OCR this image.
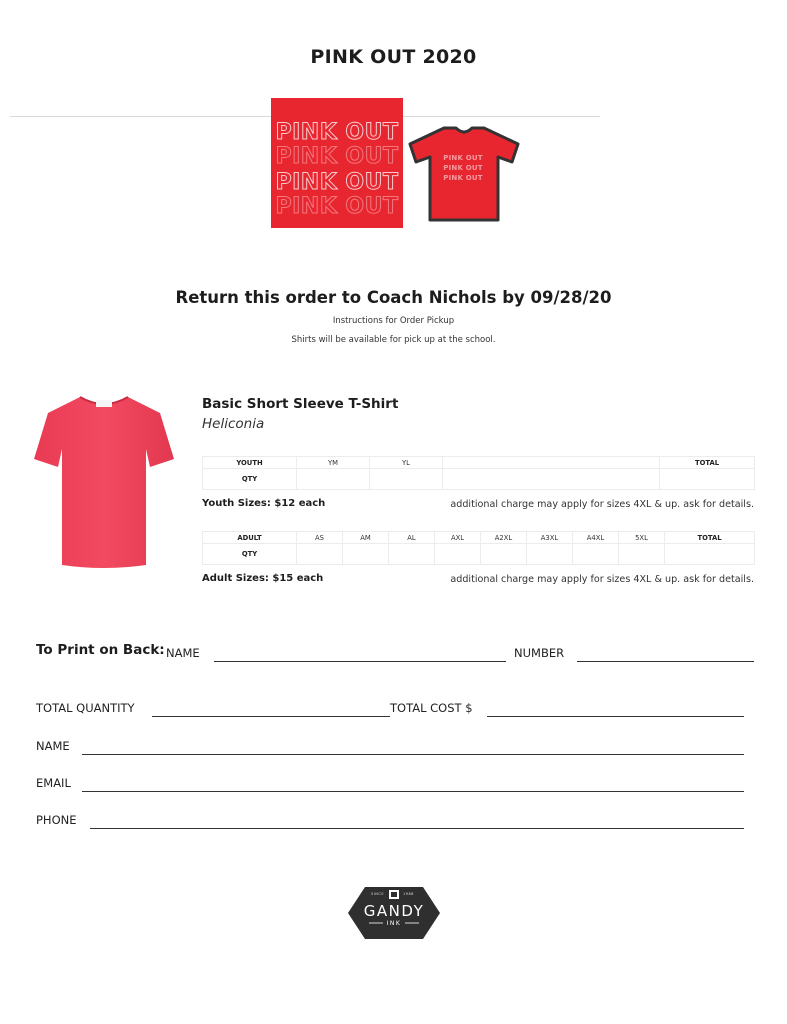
PINK OUT 2020

PINK OUT
PINK OUT
PINK OUT
PINK OUT
PINK OUT
PINK OUT
PINK OUT
Return this order to Coach Nichols by 09/28/20
Instructions for Order Pickup
Shirts will be available for pick up at the school.
Basic Short Sleeve T-Shirt
Heliconia
YOUTH	YM	YL		TOTAL
QTY				
Youth Sizes: $12 each	additional charge may apply for sizes 4XL & up. ask for details.
ADULT	AS	AM	AL	AXL	A2XL	A3XL	A4XL	5XL	TOTAL
QTY									
Adult Sizes: $15 each	additional charge may apply for sizes 4XL & up. ask for details.
To Print on Back: NAME	NUMBER
TOTAL QUANTITY	TOTAL COST $
NAME
EMAIL
PHONE
SINCE	1988
GANDY
INK
